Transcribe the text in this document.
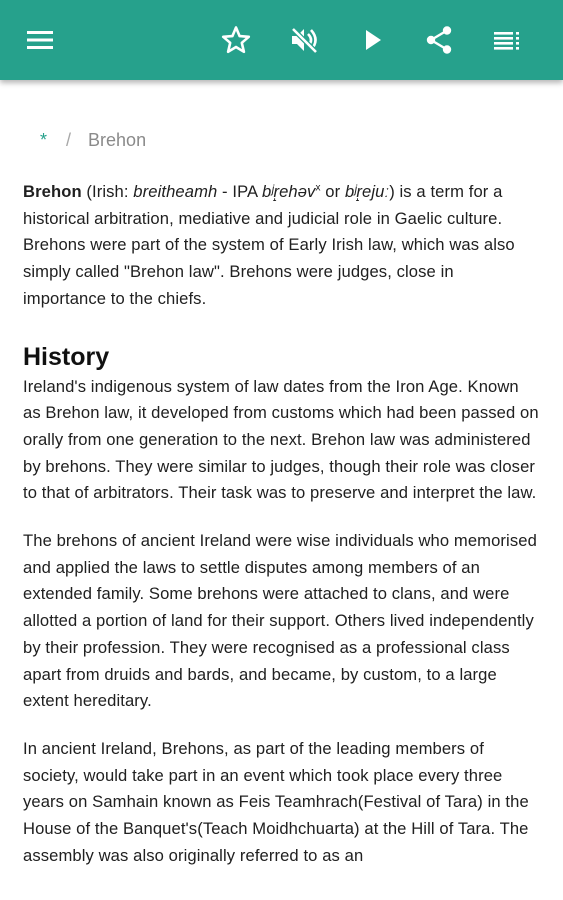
* / Brehon

Brehon (Irish: breitheamh - IPA bʲr̝ehəv$^x$ or bʲr̝ejuː) is a term for a historical arbitration, mediative and judicial role in Gaelic culture. Brehons were part of the system of Early Irish law, which was also simply called "Brehon law". Brehons were judges, close in importance to the chiefs.

History

Ireland's indigenous system of law dates from the Iron Age. Known as Brehon law, it developed from customs which had been passed on orally from one generation to the next. Brehon law was administered by brehons. They were similar to judges, though their role was closer to that of arbitrators. Their task was to preserve and interpret the law.

The brehons of ancient Ireland were wise individuals who memorised and applied the laws to settle disputes among members of an extended family. Some brehons were attached to clans, and were allotted a portion of land for their support. Others lived independently by their profession. They were recognised as a professional class apart from druids and bards, and became, by custom, to a large extent hereditary.

In ancient Ireland, Brehons, as part of the leading members of society, would take part in an event which took place every three years on Samhain known as Feis Teamhrach(Festival of Tara) in the House of the Banquet's(Teach Moidhchuarta) at the Hill of Tara. The assembly was also originally referred to as an
